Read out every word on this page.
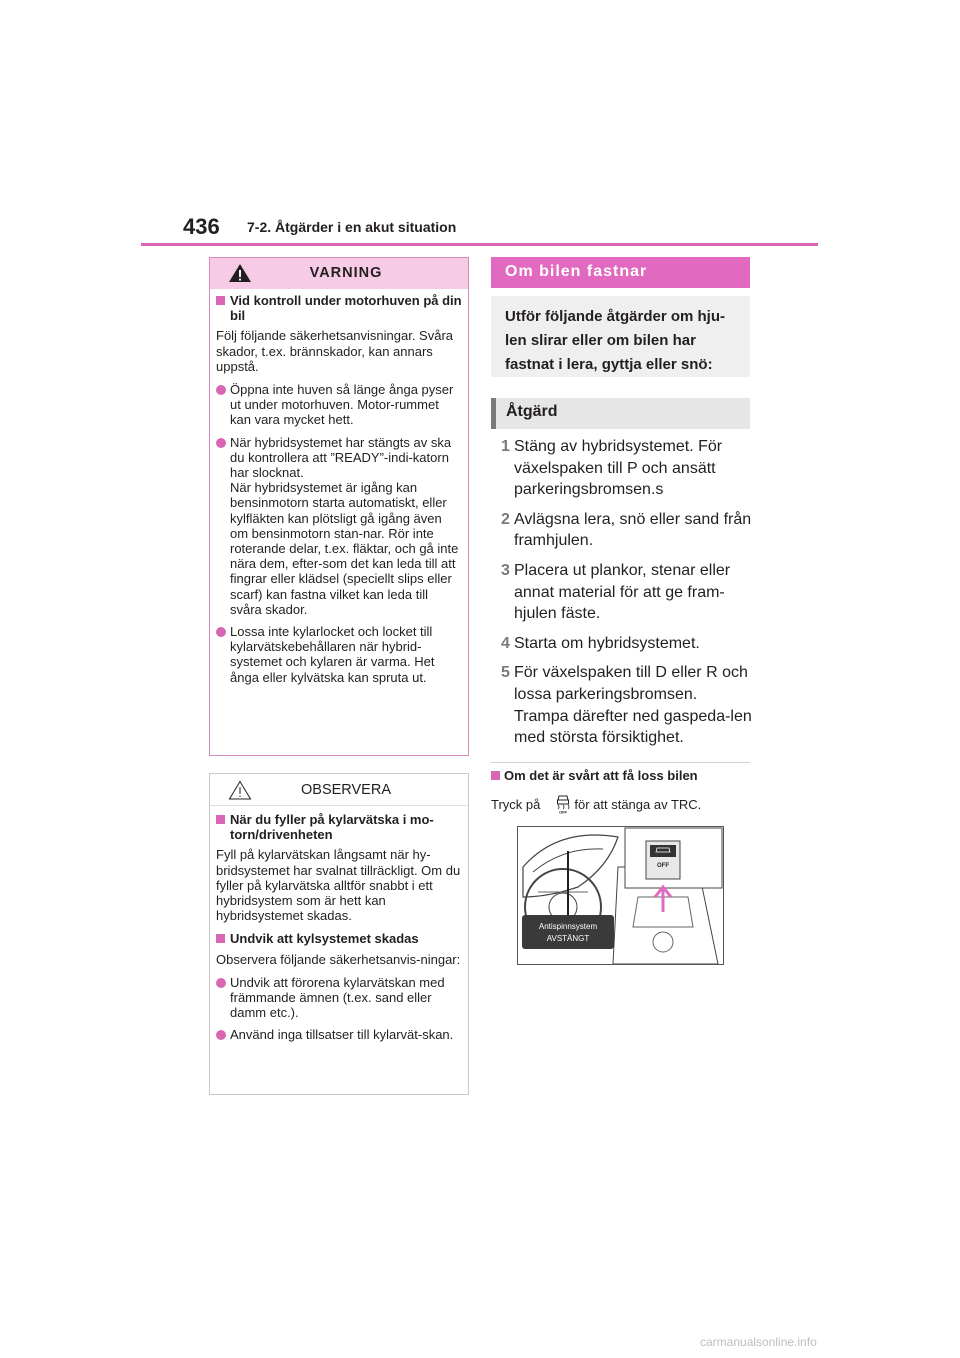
436 7-2. Åtgärder i en akut situation
VARNING

Vid kontroll under motorhuven på din bil

Följ följande säkerhetsanvisningar. Svåra skador, t.ex. brännskador, kan annars uppstå.

Öppna inte huven så länge ånga pyser ut under motorhuven. Motor-rummet kan vara mycket hett.

När hybridsystemet har stängts av ska du kontrollera att ”READY”-indi-katorn har slocknat.
När hybridsystemet är igång kan bensinmotorn starta automatiskt, eller kylfläkten kan plötsligt gå igång även om bensinmotorn stan-nar. Rör inte roterande delar, t.ex. fläktar, och gå inte nära dem, efter-som det kan leda till att fingrar eller klädsel (speciellt slips eller scarf) kan fastna vilket kan leda till svåra skador.

Lossa inte kylarlocket och locket till kylarvätskebehållaren när hybrid-systemet och kylaren är varma. Het ånga eller kylvätska kan spruta ut.

OBSERVERA

När du fyller på kylarvätska i mo-torn/drivenheten

Fyll på kylarvätskan långsamt när hy-bridsystemet har svalnat tillräckligt. Om du fyller på kylarvätska alltför snabbt i ett hybridsystem som är hett kan hybridsystemet skadas.

Undvik att kylsystemet skadas

Observera följande säkerhetsanvis-ningar:

Undvik att förorena kylarvätskan med främmande ämnen (t.ex. sand eller damm etc.).

Använd inga tillsatser till kylarvät-skan.

Om bilen fastnar
Utför följande åtgärder om hju-len slirar eller om bilen har fastnat i lera, gyttja eller snö:
Åtgärd
1 Stäng av hybridsystemet. För växelspaken till P och ansätt parkeringsbromsen.s
2 Avlägsna lera, snö eller sand från framhjulen.
3 Placera ut plankor, stenar eller annat material för att ge fram-hjulen fäste.
4 Starta om hybridsystemet.
5 För växelspaken till D eller R och lossa parkeringsbromsen. Trampa därefter ned gaspeda-len med största försiktighet.
Om det är svårt att få loss bilen
Tryck på	för att stänga av TRC.
OFF
OFF
Antispinnsystem
AVSTÄNGT
carmanualsonline.info
